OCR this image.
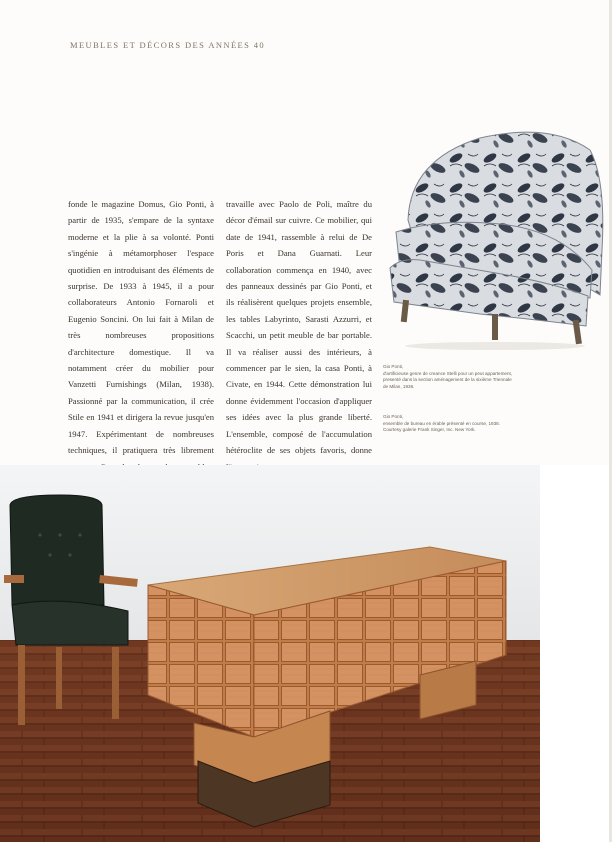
MEUBLES ET DÉCORS DES ANNÉES 40

fonde le magazine Domus, Gio Ponti, à partir de 1935, s'empare de la syntaxe moderne et la plie à sa volonté. Ponti s'ingénie à métamorphoser l'espace quotidien en introduisant des éléments de surprise. De 1933 à 1945, il a pour collaborateurs Antonio Fornaroli et Eugenio Soncini. On lui fait à Milan de très nombreuses propositions d'architecture domestique. Il va notamment créer du mobilier pour Vanzetti Furnishings (Milan, 1938). Passionné par la communication, il crée Stile en 1941 et dirigera la revue jusqu'en 1947. Expérimentant de nombreuses techniques, il pratiquera très librement

travaille avec Paolo de Poli, maître du décor d'émail sur cuivre. Ce mobilier, qui date de 1941, rassemble à relui de De Poris et Dana Guarnati. Leur collaboration commença en 1940, avec des panneaux dessinés par Gio Ponti, et ils réalisèrent quelques projets ensemble, les tables Labyrinto, Sarasti Azzurri, et Scacchi, un petit meuble de bar portable. Il va réaliser aussi des intérieurs, à commencer par le sien, la casa Ponti, à Civate, en 1944. Cette démonstration lui donne évidemment l'occasion d'appliquer ses idées avec la plus grande liberté. L'ensemble, composé de l'accumulation hétéroclite de ses objets favoris, donne

Gio Ponti,
d'artificieuse genre de creance Stelli pour un peut appartement, presenté dans la section aménagement de la sixième Triennale de Milan, 1936.
Gio Ponti,
ensemble de bureau en érable présenté en course, 1938. Courtesy galerie Frank Singer, Inc. New York.
